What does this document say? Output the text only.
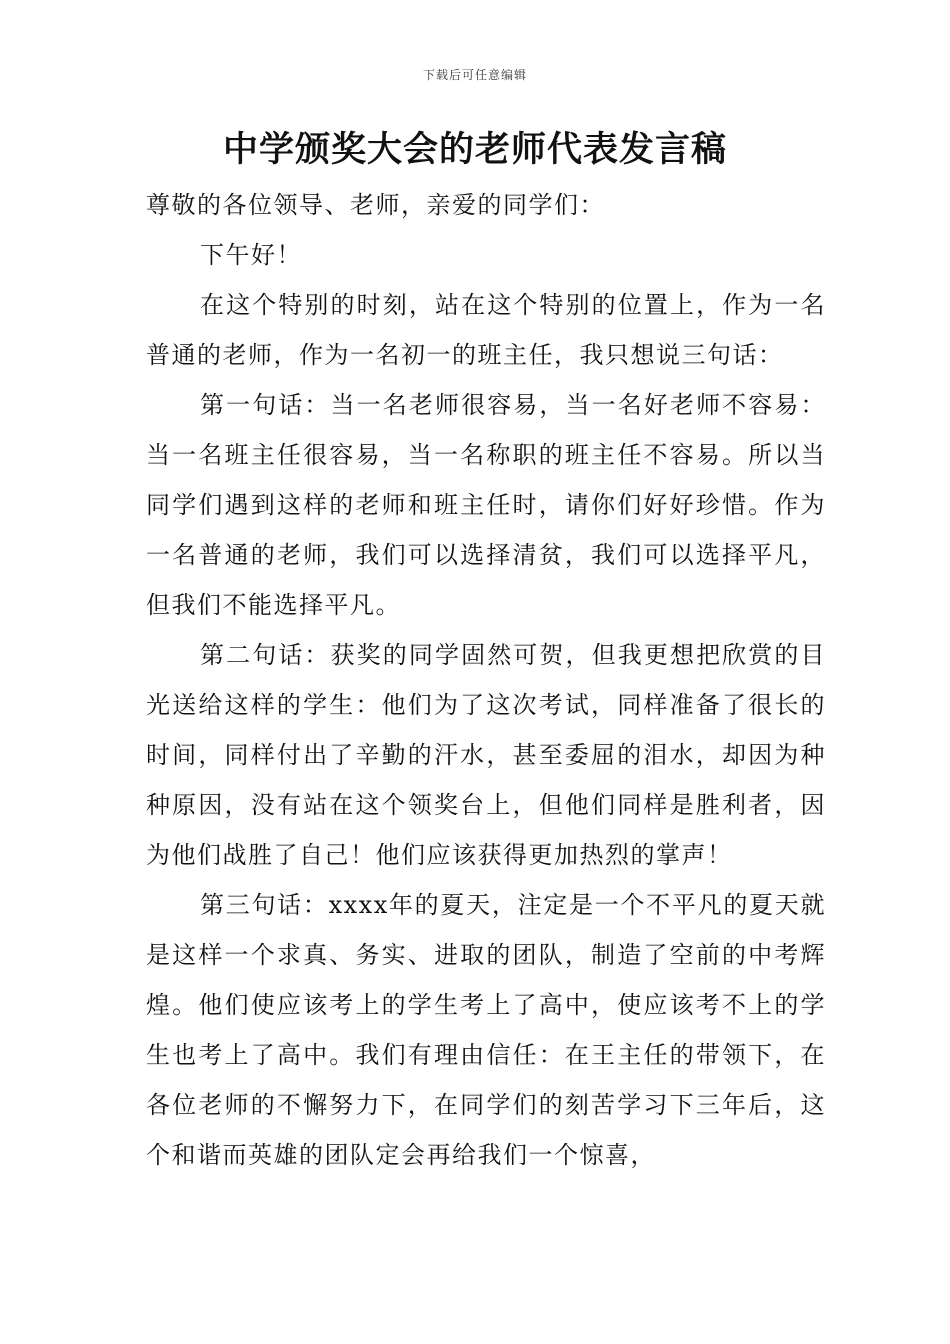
下载后可任意编辑
中学颁奖大会的老师代表发言稿

尊敬的各位领导、老师，亲爱的同学们：

下午好！

在这个特别的时刻，站在这个特别的位置上，作为一名普通的老师，作为一名初一的班主任，我只想说三句话：

第一句话：当一名老师很容易，当一名好老师不容易：当一名班主任很容易，当一名称职的班主任不容易。所以当同学们遇到这样的老师和班主任时，请你们好好珍惜。作为一名普通的老师，我们可以选择清贫，我们可以选择平凡，但我们不能选择平凡。

第二句话：获奖的同学固然可贺，但我更想把欣赏的目光送给这样的学生：他们为了这次考试，同样准备了很长的时间，同样付出了辛勤的汗水，甚至委屈的泪水，却因为种种原因，没有站在这个领奖台上，但他们同样是胜利者，因为他们战胜了自己！他们应该获得更加热烈的掌声！

第三句话：xxxx年的夏天，注定是一个不平凡的夏天就是这样一个求真、务实、进取的团队，制造了空前的中考辉煌。他们使应该考上的学生考上了高中，使应该考不上的学生也考上了高中。我们有理由信任：在王主任的带领下，在各位老师的不懈努力下，在同学们的刻苦学习下三年后，这个和谐而英雄的团队定会再给我们一个惊喜，
